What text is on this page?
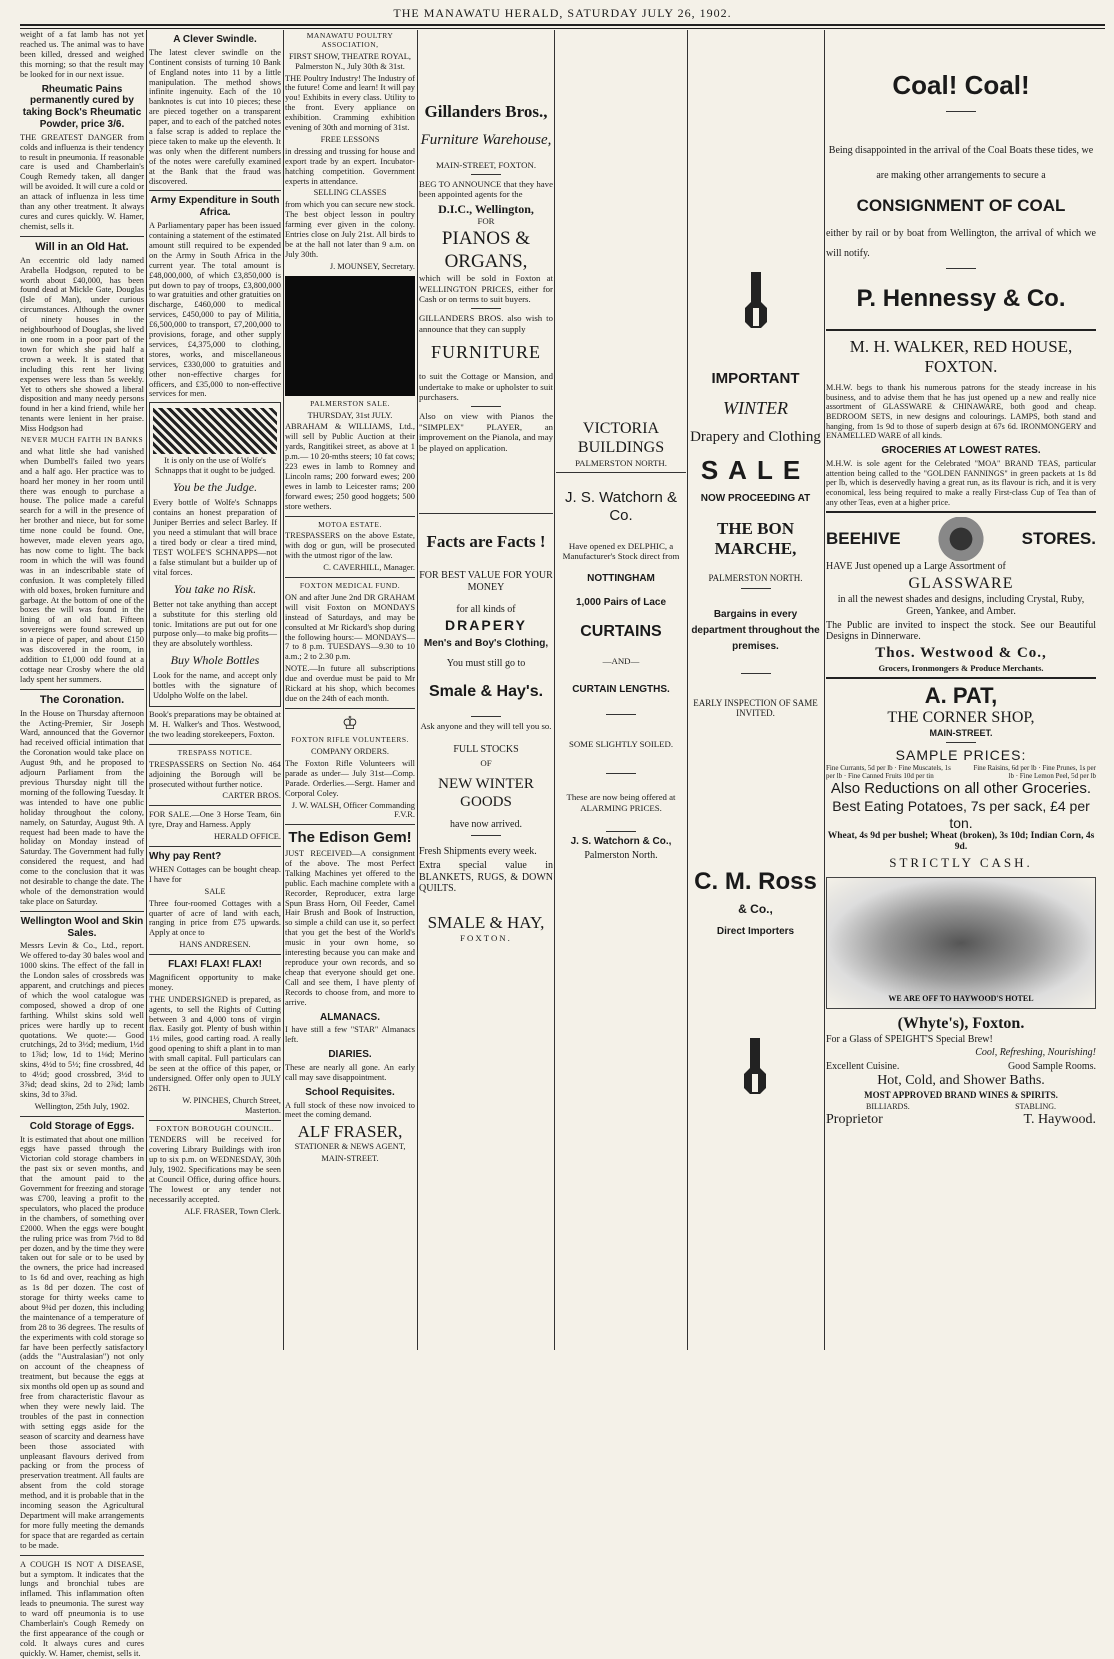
THE MANAWATU HERALD, SATURDAY JULY 26, 1902.

weight of a fat lamb has not yet reached us. The animal was to have been killed, dressed and weighed this morning; so that the result may be looked for in our next issue.

Rheumatic Pains permanently cured by taking Bock's Rheumatic Powder, price 3/6.

THE GREATEST DANGER from colds and influenza is their tendency to result in pneumonia. If reasonable care is used and Chamberlain's Cough Remedy taken, all danger will be avoided. It will cure a cold or an attack of influenza in less time than any other treatment. It always cures and cures quickly. W. Hamer, chemist, sells it.

Will in an Old Hat.

An eccentric old lady named Arabella Hodgson, reputed to be worth about £40,000, has been found dead at Mickle Gate, Douglas (Isle of Man), under curious circumstances. Although the owner of ninety houses in the neighbourhood of Douglas, she lived in one room in a poor part of the town for which she paid half a crown a week. It is stated that including this rent her living expenses were less than 5s weekly. Yet to others she showed a liberal disposition and many needy persons found in her a kind friend, while her tenants were lenient in her praise. Miss Hodgson had

NEVER MUCH FAITH IN BANKS

and what little she had vanished when Dumbell's failed two years and a half ago. Her practice was to hoard her money in her room until there was enough to purchase a house. The police made a careful search for a will in the presence of her brother and niece, but for some time none could be found. One, however, made eleven years ago, has now come to light. The back room in which the will was found was in an indescribable state of confusion. It was completely filled with old boxes, broken furniture and garbage. At the bottom of one of the boxes the will was found in the lining of an old hat. Fifteen sovereigns were found screwed up in a piece of paper, and about £150 was discovered in the room, in addition to £1,000 odd found at a cottage near Crosby where the old lady spent her summers.

The Coronation.

In the House on Thursday afternoon the Acting-Premier, Sir Joseph Ward, announced that the Governor had received official intimation that the Coronation would take place on August 9th, and he proposed to adjourn Parliament from the previous Thursday night till the morning of the following Tuesday. It was intended to have one public holiday throughout the colony, namely, on Saturday, August 9th. A request had been made to have the holiday on Monday instead of Saturday. The Government had fully considered the request, and had come to the conclusion that it was not desirable to change the date. The whole of the demonstration would take place on Saturday.

Wellington Wool and Skin Sales.

Messrs Levin & Co., Ltd., report. We offered to-day 30 bales wool and 1000 skins. The effect of the fall in the London sales of crossbreds was apparent, and crutchings and pieces of which the wool catalogue was composed, showed a drop of one farthing. Whilst skins sold well prices were hardly up to recent quotations. We quote:— Good crutchings, 2d to 3½d; medium, 1½d to 1⅞d; low, 1d to 1⅛d; Merino skins, 4½d to 5½; fine crossbred, 4d to 4½d; good crossbred, 3½d to 3⅞d; dead skins, 2d to 2⅞d; lamb skins, 3d to 3⅞d.

Wellington, 25th July, 1902.

Cold Storage of Eggs.

It is estimated that about one million eggs have passed through the Victorian cold storage chambers in the past six or seven months, and that the amount paid to the Government for freezing and storage was £700, leaving a profit to the speculators, who placed the produce in the chambers, of something over £2000. When the eggs were bought the ruling price was from 7½d to 8d per dozen, and by the time they were taken out for sale or to be used by the owners, the price had increased to 1s 6d and over, reaching as high as 1s 8d per dozen. The cost of storage for thirty weeks came to about 9¾d per dozen, this including the maintenance of a temperature of from 28 to 36 degrees. The results of the experiments with cold storage so far have been perfectly satisfactory (adds the "Australasian") not only on account of the cheapness of treatment, but because the eggs at six months old open up as sound and free from characteristic flavour as when they were newly laid. The troubles of the past in connection with setting eggs aside for the season of scarcity and dearness have been those associated with unpleasant flavours derived from packing or from the process of preservation treatment. All faults are absent from the cold storage method, and it is probable that in the incoming season the Agricultural Department will make arrangements for more fully meeting the demands for space that are regarded as certain to be made.

A COUGH IS NOT A DISEASE, but a symptom. It indicates that the lungs and bronchial tubes are inflamed. This inflammation often leads to pneumonia. The surest way to ward off pneumonia is to use Chamberlain's Cough Remedy on the first appearance of the cough or cold. It always cures and cures quickly. W. Hamer, chemist, sells it.

A Clever Swindle.

The latest clever swindle on the Continent consists of turning 10 Bank of England notes into 11 by a little manipulation. The method shows infinite ingenuity. Each of the 10 banknotes is cut into 10 pieces; these are pieced together on a transparent paper, and to each of the patched notes a false scrap is added to replace the piece taken to make up the eleventh. It was only when the different numbers of the notes were carefully examined at the Bank that the fraud was discovered.

Army Expenditure in South Africa.

A Parliamentary paper has been issued containing a statement of the estimated amount still required to be expended on the Army in South Africa in the current year. The total amount is £48,000,000, of which £3,850,000 is put down to pay of troops, £3,800,000 to war gratuities and other gratuities on discharge, £460,000 to medical services, £450,000 to pay of Militia, £6,500,000 to transport, £7,200,000 to provisions, forage, and other supply services, £4,375,000 to clothing, stores, works, and miscellaneous services, £330,000 to gratuities and other non-effective charges for officers, and £35,000 to non-effective services for men.

It is only on the use of Wolfe's Schnapps that it ought to be judged.

You be the Judge.

Every bottle of Wolfe's Schnapps contains an honest preparation of Juniper Berries and select Barley. If you need a stimulant that will brace a tired body or clear a tired mind, TEST WOLFE'S SCHNAPPS—not a false stimulant but a builder up of vital forces.

You take no Risk.

Better not take anything than accept a substitute for this sterling old tonic. Imitations are put out for one purpose only—to make big profits—they are absolutely worthless.

Buy Whole Bottles

Look for the name, and accept only bottles with the signature of Udolpho Wolfe on the label.

Book's preparations may be obtained at M. H. Walker's and Thos. Westwood, the two leading storekeepers, Foxton.

TRESPASS NOTICE.

TRESPASSERS on Section No. 464 adjoining the Borough will be prosecuted without further notice.

CARTER BROS.

FOR SALE.—One 3 Horse Team, 6in tyre, Dray and Harness. Apply

HERALD OFFICE.

Why pay Rent?

WHEN Cottages can be bought cheap. I have for

SALE

Three four-roomed Cottages with a quarter of acre of land with each, ranging in price from £75 upwards. Apply at once to

HANS ANDRESEN.

FLAX! FLAX! FLAX!

Magnificent opportunity to make money.

THE UNDERSIGNED is prepared, as agents, to sell the Rights of Cutting between 3 and 4,000 tons of virgin flax. Easily got. Plenty of bush within 1½ miles, good carting road. A really good opening to shift a plant in to man with small capital. Full particulars can be seen at the office of this paper, or undersigned. Offer only open to JULY 26TH.

W. PINCHES, Church Street, Masterton.

FOXTON BOROUGH COUNCIL.

TENDERS will be received for covering Library Buildings with iron up to six p.m. on WEDNESDAY, 30th July, 1902. Specifications may be seen at Council Office, during office hours. The lowest or any tender not necessarily accepted.

ALF. FRASER, Town Clerk.

MANAWATU POULTRY ASSOCIATION,

FIRST SHOW, THEATRE ROYAL, Palmerston N., July 30th & 31st.

THE Poultry Industry! The Industry of the future! Come and learn! It will pay you! Exhibits in every class. Utility to the front. Every appliance on exhibition. Cramming exhibition evening of 30th and morning of 31st.

FREE LESSONS

in dressing and trussing for house and export trade by an expert. Incubator-hatching competition. Government experts in attendance.

SELLING CLASSES

from which you can secure new stock. The best object lesson in poultry farming ever given in the colony. Entries close on July 21st. All birds to be at the hall not later than 9 a.m. on July 30th.

J. MOUNSEY, Secretary.

PALMERSTON SALE.

THURSDAY, 31st JULY.

ABRAHAM & WILLIAMS, Ltd., will sell by Public Auction at their yards, Rangitikei street, as above at 1 p.m.— 10 20-mths steers; 10 fat cows; 223 ewes in lamb to Romney and Lincoln rams; 200 forward ewes; 200 ewes in lamb to Leicester rams; 200 forward ewes; 250 good hoggets; 500 store wethers.

MOTOA ESTATE.

TRESPASSERS on the above Estate, with dog or gun, will be prosecuted with the utmost rigor of the law.

C. CAVERHILL, Manager.

FOXTON MEDICAL FUND.

ON and after June 2nd DR GRAHAM will visit Foxton on MONDAYS instead of Saturdays, and may be consulted at Mr Rickard's shop during the following hours:— MONDAYS—7 to 8 p.m. TUESDAYS—9.30 to 10 a.m.; 2 to 2.30 p.m.

NOTE.—In future all subscriptions due and overdue must be paid to Mr Rickard at his shop, which becomes due on the 24th of each month.

♔
FOXTON RIFLE VOLUNTEERS.

COMPANY ORDERS.

The Foxton Rifle Volunteers will parade as under— July 31st—Comp. Parade. Orderlies.—Sergt. Hamer and Corporal Coley.

J. W. WALSH, Officer Commanding F.V.R.

The Edison Gem!

JUST RECEIVED—A consignment of the above. The most Perfect Talking Machines yet offered to the public. Each machine complete with a Recorder, Reproducer, extra large Spun Brass Horn, Oil Feeder, Camel Hair Brush and Book of Instruction, so simple a child can use it, so perfect that you get the best of the World's music in your own home, so interesting because you can make and reproduce your own records, and so cheap that everyone should get one. Call and see them, I have plenty of Records to choose from, and more to arrive.

ALMANACS.

I have still a few "STAR" Almanacs left.

DIARIES.

These are nearly all gone. An early call may save disappointment.

School Requisites.

A full stock of these now invoiced to meet the coming demand.

ALF FRASER,

STATIONER & NEWS AGENT,

MAIN-STREET.

Gillanders Bros.,
Furniture Warehouse,

MAIN-STREET, FOXTON.

BEG TO ANNOUNCE that they have been appointed agents for the

D.I.C., Wellington,

FOR

PIANOS & ORGANS,

which will be sold in Foxton at WELLINGTON PRICES, either for Cash or on terms to suit buyers.

GILLANDERS BROS. also wish to announce that they can supply

FURNITURE

to suit the Cottage or Mansion, and undertake to make or upholster to suit purchasers.

Also on view with Pianos the "SIMPLEX" PLAYER, an improvement on the Pianola, and may be played on application.

Facts are Facts !

FOR BEST VALUE FOR YOUR MONEY

for all kinds of

DRAPERY
Men's and Boy's Clothing,

You must still go to

Smale & Hay's.

Ask anyone and they will tell you so.

FULL STOCKS

OF

NEW WINTER GOODS

have now arrived.

Fresh Shipments every week.

Extra special value in BLANKETS, RUGS, & DOWN QUILTS.

SMALE & HAY,

FOXTON.

VICTORIA BUILDINGS

PALMERSTON NORTH.

J. S. Watchorn & Co.

Have opened ex DELPHIC, a Manufacturer's Stock direct from

NOTTINGHAM
1,000 Pairs of Lace
CURTAINS

—AND—

CURTAIN LENGTHS.

SOME SLIGHTLY SOILED.

These are now being offered at ALARMING PRICES.

J. S. Watchorn & Co.,

Palmerston North.

IMPORTANT
WINTER
Drapery and Clothing
SALE
NOW PROCEEDING AT
THE BON MARCHE,

PALMERSTON NORTH.

Bargains in every department throughout the premises.

EARLY INSPECTION OF SAME INVITED.

C. M. Ross
& Co.,
Direct Importers
Coal! Coal!

Being disappointed in the arrival of the Coal Boats these tides, we are making other arrangements to secure a

CONSIGNMENT OF COAL

either by rail or by boat from Wellington, the arrival of which we will notify.

P. Hennessy & Co.
M. H. WALKER, RED HOUSE, FOXTON.

M.H.W. begs to thank his numerous patrons for the steady increase in his business, and to advise them that he has just opened up a new and really nice assortment of GLASSWARE & CHINAWARE, both good and cheap. BEDROOM SETS, in new designs and colourings. LAMPS, both stand and hanging, from 1s 9d to those of superb design at 67s 6d. IRONMONGERY and ENAMELLED WARE of all kinds.

GROCERIES AT LOWEST RATES.

M.H.W. is sole agent for the Celebrated "MOA" BRAND TEAS, particular attention being called to the "GOLDEN FANNINGS" in green packets at 1s 8d per lb, which is deservedly having a great run, as its flavour is rich, and it is very economical, less being required to make a really First-class Cup of Tea than of any other Teas, even at a higher price.

BEEHIVE	STORES.

HAVE Just opened up a Large Assortment of

GLASSWARE

in all the newest shades and designs, including Crystal, Ruby, Green, Yankee, and Amber.

The Public are invited to inspect the stock. See our Beautiful Designs in Dinnerware.

Thos. Westwood & Co.,

Grocers, Ironmongers & Produce Merchants.

A. PAT,
THE CORNER SHOP,

MAIN-STREET.

SAMPLE PRICES:
Fine Currants, 5d per lb · Fine Muscatels, 1s per lb · Fine Canned Fruits 10d per tin
Fine Raisins, 6d per lb · Fine Prunes, 1s per lb · Fine Lemon Peel, 5d per lb
Also Reductions on all other Groceries.
Best Eating Potatoes, 7s per sack, £4 per ton.

Wheat, 4s 9d per bushel; Wheat (broken), 3s 10d; Indian Corn, 4s 9d.

STRICTLY CASH.
WE ARE OFF TO HAYWOOD'S HOTEL
(Whyte's), Foxton.

For a Glass of SPEIGHT'S Special Brew!

Cool, Refreshing, Nourishing!

Excellent Cuisine.	Good Sample Rooms.
Hot, Cold, and Shower Baths.

MOST APPROVED BRAND WINES & SPIRITS.

BILLIARDS.	STABLING.
Proprietor	T. Haywood.
